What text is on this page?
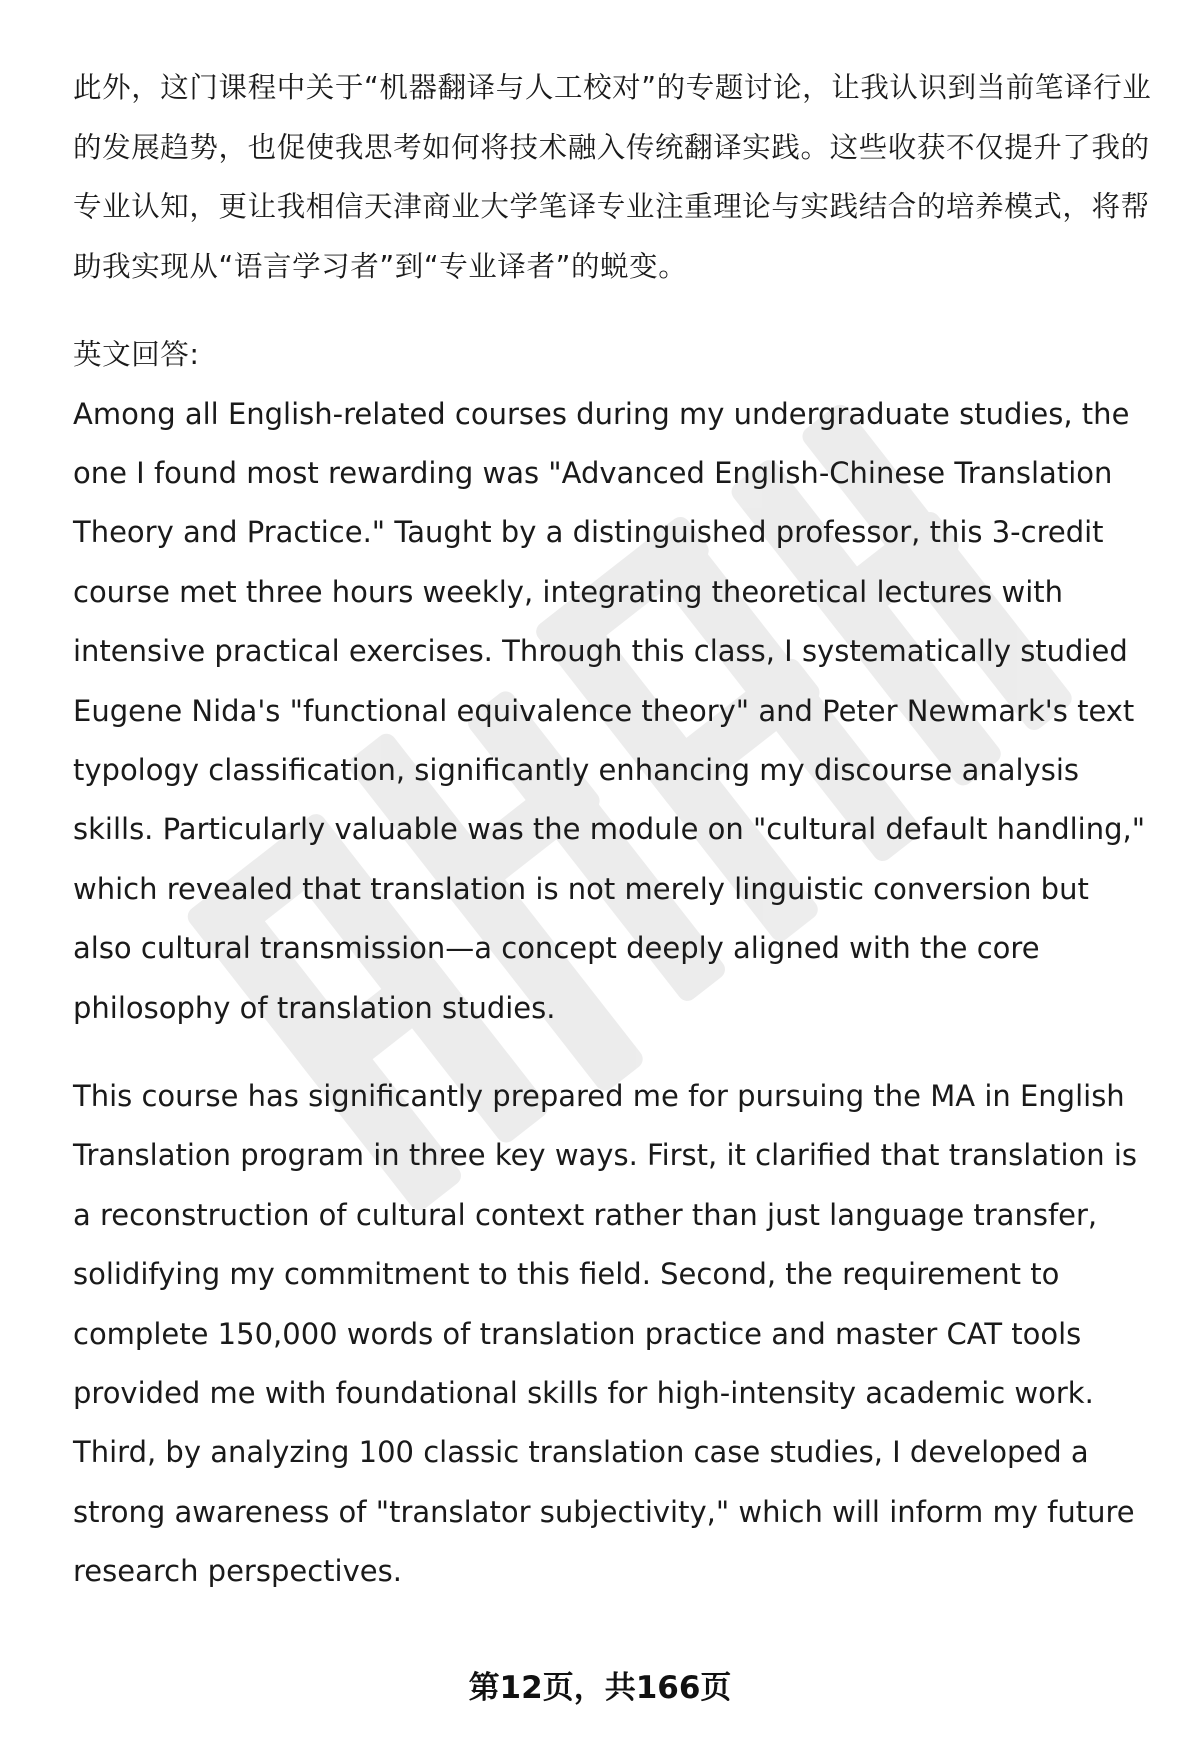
此外，这门课程中关于“机器翻译与人工校对”的专题讨论，让我认识到当前笔译行业的发展趋势，也促使我思考如何将技术融入传统翻译实践。这些收获不仅提升了我的专业认知，更让我相信天津商业大学笔译专业注重理论与实践结合的培养模式，将帮助我实现从“语言学习者”到“专业译者”的蜕变。

英文回答:

Among all English-related courses during my undergraduate studies, the one I found most rewarding was "Advanced English-Chinese Translation Theory and Practice." Taught by a distinguished professor, this 3-credit course met three hours weekly, integrating theoretical lectures with intensive practical exercises. Through this class, I systematically studied Eugene Nida's "functional equivalence theory" and Peter Newmark's text typology classification, significantly enhancing my discourse analysis skills. Particularly valuable was the module on "cultural default handling," which revealed that translation is not merely linguistic conversion but also cultural transmission—a concept deeply aligned with the core philosophy of translation studies.

This course has significantly prepared me for pursuing the MA in English Translation program in three key ways. First, it clarified that translation is a reconstruction of cultural context rather than just language transfer, solidifying my commitment to this field. Second, the requirement to complete 150,000 words of translation practice and master CAT tools provided me with foundational skills for high-intensity academic work. Third, by analyzing 100 classic translation case studies, I developed a strong awareness of "translator subjectivity," which will inform my future research perspectives.

第12页，共166页
